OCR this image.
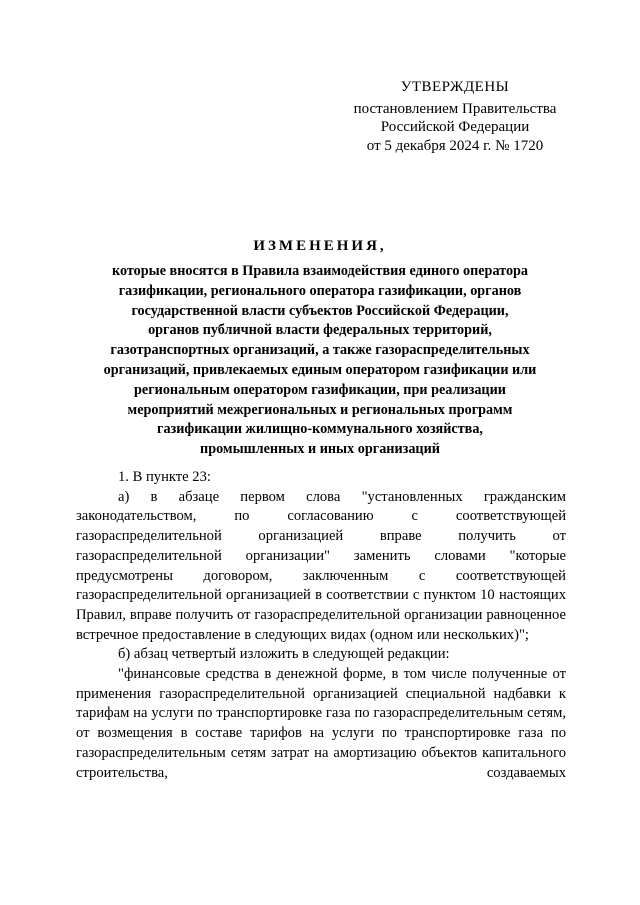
УТВЕРЖДЕНЫ
постановлением Правительства
Российской Федерации
от 5 декабря 2024 г. № 1720
ИЗМЕНЕНИЯ,
которые вносятся в Правила взаимодействия единого оператора
газификации, регионального оператора газификации, органов
государственной власти субъектов Российской Федерации,
органов публичной власти федеральных территорий,
газотранспортных организаций, а также газораспределительных
организаций, привлекаемых единым оператором газификации или
региональным оператором газификации, при реализации
мероприятий межрегиональных и региональных программ
газификации жилищно-коммунального хозяйства,
промышленных и иных организаций

1. В пункте 23:

а) в абзаце первом слова "установленных гражданским законодательством, по согласованию с соответствующей газораспределительной организацией вправе получить от газораспределительной организации" заменить словами "которые предусмотрены договором, заключенным с соответствующей газораспределительной организацией в соответствии с пунктом 10 настоящих Правил, вправе получить от газораспределительной организации равноценное встречное предоставление в следующих видах (одном или нескольких)";

б) абзац четвертый изложить в следующей редакции:

"финансовые средства в денежной форме, в том числе полученные от применения газораспределительной организацией специальной надбавки к тарифам на услуги по транспортировке газа по газораспределительным сетям, от возмещения в составе тарифов на услуги по транспортировке газа по газораспределительным сетям затрат на амортизацию объектов капитального строительства, создаваемых
